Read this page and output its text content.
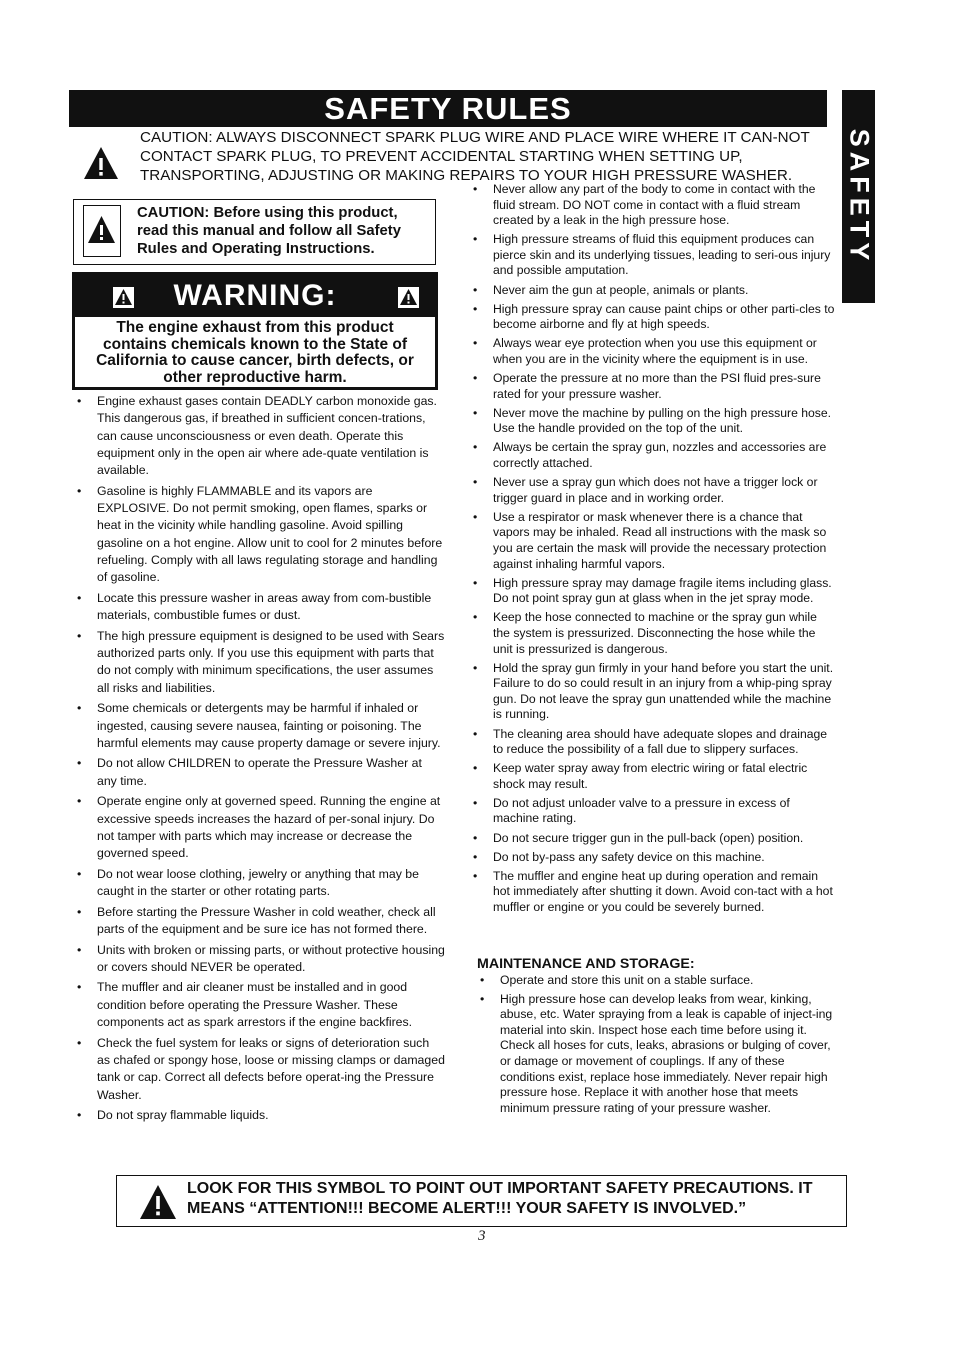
SAFETY RULES
SAFETY
CAUTION: ALWAYS DISCONNECT SPARK PLUG WIRE AND PLACE WIRE WHERE IT CAN-NOT CONTACT SPARK PLUG, TO PREVENT ACCIDENTAL STARTING WHEN SETTING UP, TRANSPORTING, ADJUSTING OR MAKING REPAIRS TO YOUR HIGH PRESSURE WASHER.
CAUTION: Before using this product, read this manual and follow all Safety Rules and Operating Instructions.
WARNING:
The engine exhaust from this product contains chemicals known to the State of California to cause cancer, birth defects, or other reproductive harm.
• Engine exhaust gases contain DEADLY carbon monoxide gas. This dangerous gas, if breathed in sufficient concen-trations, can cause unconsciousness or even death. Operate this equipment only in the open air where ade-quate ventilation is available.
• Gasoline is highly FLAMMABLE and its vapors are EXPLOSIVE. Do not permit smoking, open flames, sparks or heat in the vicinity while handling gasoline. Avoid spilling gasoline on a hot engine. Allow unit to cool for 2 minutes before refueling. Comply with all laws regulating storage and handling of gasoline.
• Locate this pressure washer in areas away from com-bustible materials, combustible fumes or dust.
• The high pressure equipment is designed to be used with Sears authorized parts only. If you use this equipment with parts that do not comply with minimum specifications, the user assumes all risks and liabilities.
• Some chemicals or detergents may be harmful if inhaled or ingested, causing severe nausea, fainting or poisoning. The harmful elements may cause property damage or severe injury.
• Do not allow CHILDREN to operate the Pressure Washer at any time.
• Operate engine only at governed speed. Running the engine at excessive speeds increases the hazard of per-sonal injury. Do not tamper with parts which may increase or decrease the governed speed.
• Do not wear loose clothing, jewelry or anything that may be caught in the starter or other rotating parts.
• Before starting the Pressure Washer in cold weather, check all parts of the equipment and be sure ice has not formed there.
• Units with broken or missing parts, or without protective housing or covers should NEVER be operated.
• The muffler and air cleaner must be installed and in good condition before operating the Pressure Washer. These components act as spark arrestors if the engine backfires.
• Check the fuel system for leaks or signs of deterioration such as chafed or spongy hose, loose or missing clamps or damaged tank or cap. Correct all defects before operat-ing the Pressure Washer.
• Do not spray flammable liquids.
• Never allow any part of the body to come in contact with the fluid stream. DO NOT come in contact with a fluid stream created by a leak in the high pressure hose.
• High pressure streams of fluid this equipment produces can pierce skin and its underlying tissues, leading to seri-ous injury and possible amputation.
• Never aim the gun at people, animals or plants.
• High pressure spray can cause paint chips or other parti-cles to become airborne and fly at high speeds.
• Always wear eye protection when you use this equipment or when you are in the vicinity where the equipment is in use.
• Operate the pressure at no more than the PSI fluid pres-sure rated for your pressure washer.
• Never move the machine by pulling on the high pressure hose. Use the handle provided on the top of the unit.
• Always be certain the spray gun, nozzles and accessories are correctly attached.
• Never use a spray gun which does not have a trigger lock or trigger guard in place and in working order.
• Use a respirator or mask whenever there is a chance that vapors may be inhaled. Read all instructions with the mask so you are certain the mask will provide the necessary protection against inhaling harmful vapors.
• High pressure spray may damage fragile items including glass. Do not point spray gun at glass when in the jet spray mode.
• Keep the hose connected to machine or the spray gun while the system is pressurized. Disconnecting the hose while the unit is pressurized is dangerous.
• Hold the spray gun firmly in your hand before you start the unit. Failure to do so could result in an injury from a whip-ping spray gun. Do not leave the spray gun unattended while the machine is running.
• The cleaning area should have adequate slopes and drainage to reduce the possibility of a fall due to slippery surfaces.
• Keep water spray away from electric wiring or fatal electric shock may result.
• Do not adjust unloader valve to a pressure in excess of machine rating.
• Do not secure trigger gun in the pull-back (open) position.
• Do not by-pass any safety device on this machine.
• The muffler and engine heat up during operation and remain hot immediately after shutting it down. Avoid con-tact with a hot muffler or engine or you could be severely burned.
MAINTENANCE AND STORAGE:
• Operate and store this unit on a stable surface.
• High pressure hose can develop leaks from wear, kinking, abuse, etc. Water spraying from a leak is capable of inject-ing material into skin. Inspect hose each time before using it. Check all hoses for cuts, leaks, abrasions or bulging of cover, or damage or movement of couplings. If any of these conditions exist, replace hose immediately. Never repair high pressure hose. Replace it with another hose that meets minimum pressure rating of your pressure washer.
LOOK FOR THIS SYMBOL TO POINT OUT IMPORTANT SAFETY PRECAUTIONS. IT MEANS “ATTENTION!!! BECOME ALERT!!! YOUR SAFETY IS INVOLVED.”
3
